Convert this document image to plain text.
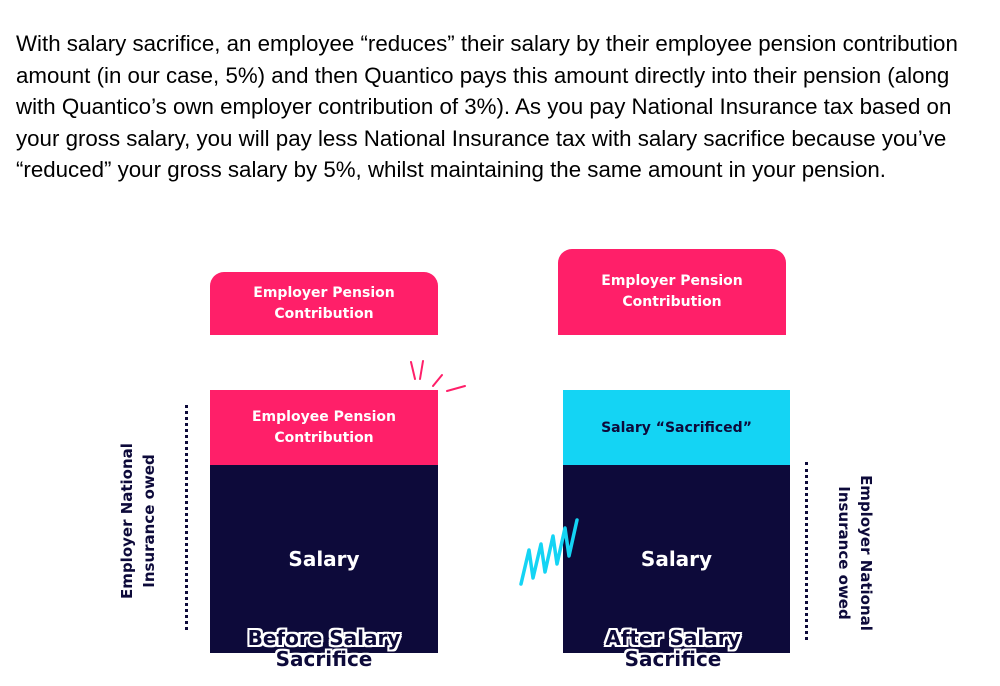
With salary sacrifice, an employee “reduces” their salary by their employee pension contribution amount (in our case, 5%) and then Quantico pays this amount directly into their pension (along with Quantico’s own employer contribution of 3%). As you pay National Insurance tax based on your gross salary, you will pay less National Insurance tax with salary sacrifice because you’ve “reduced” your gross salary by 5%, whilst maintaining the same amount in your pension.

Employer Pension
Contribution
Employee Pension
Contribution
Salary
Before Salary
Sacrifice
Employer National Insurance owed
Employer Pension
Contribution
Salary “Sacrificed”
Salary
After Salary
Sacrifice
Employer National
Insurance owed
